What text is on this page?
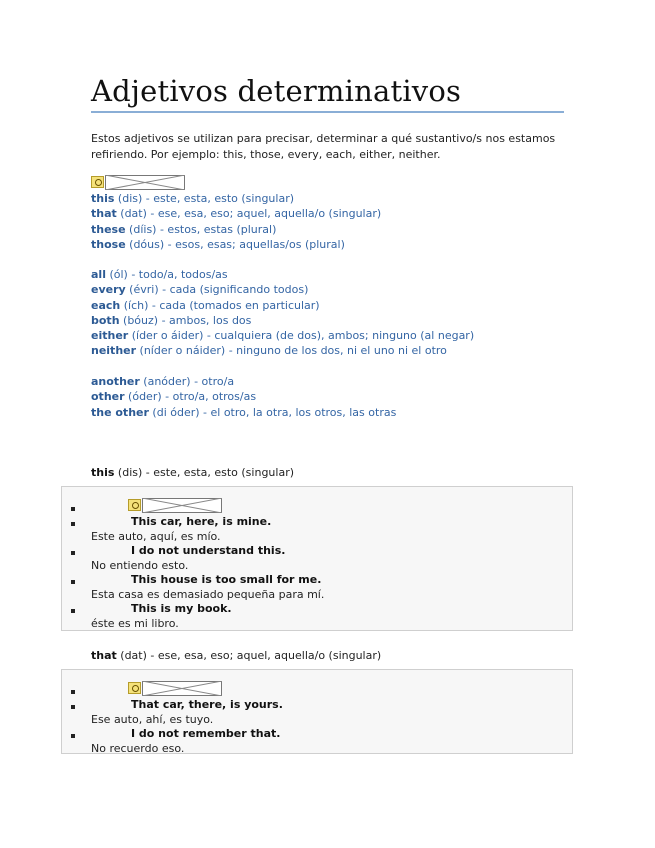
Adjetivos determinativos

Estos adjetivos se utilizan para precisar, determinar a qué sustantivo/s nos estamos refiriendo. Por ejemplo: this, those, every, each, either, neither.

this (dis) - este, esta, esto (singular)
that (dat) - ese, esa, eso; aquel, aquella/o (singular)
these (díis) - estos, estas (plural)
those (dóus) - esos, esas; aquellas/os (plural)
all (ól) - todo/a, todos/as
every (évri) - cada (significando todos)
each (ích) - cada (tomados en particular)
both (bóuz) - ambos, los dos
either (íder o áider) - cualquiera (de dos), ambos; ninguno (al negar)
neither (níder o náider) - ninguno de los dos, ni el uno ni el otro
another (anóder) - otro/a
other (óder) - otro/a, otros/as
the other (di óder) - el otro, la otra, los otros, las otras
this (dis) - este, esta, esto (singular)
This car, here, is mine.
Este auto, aquí, es mío.
I do not understand this.
No entiendo esto.
This house is too small for me.
Esta casa es demasiado pequeña para mí.
This is my book.
éste es mi libro.
that (dat) - ese, esa, eso; aquel, aquella/o (singular)
That car, there, is yours.
Ese auto, ahí, es tuyo.
I do not remember that.
No recuerdo eso.
